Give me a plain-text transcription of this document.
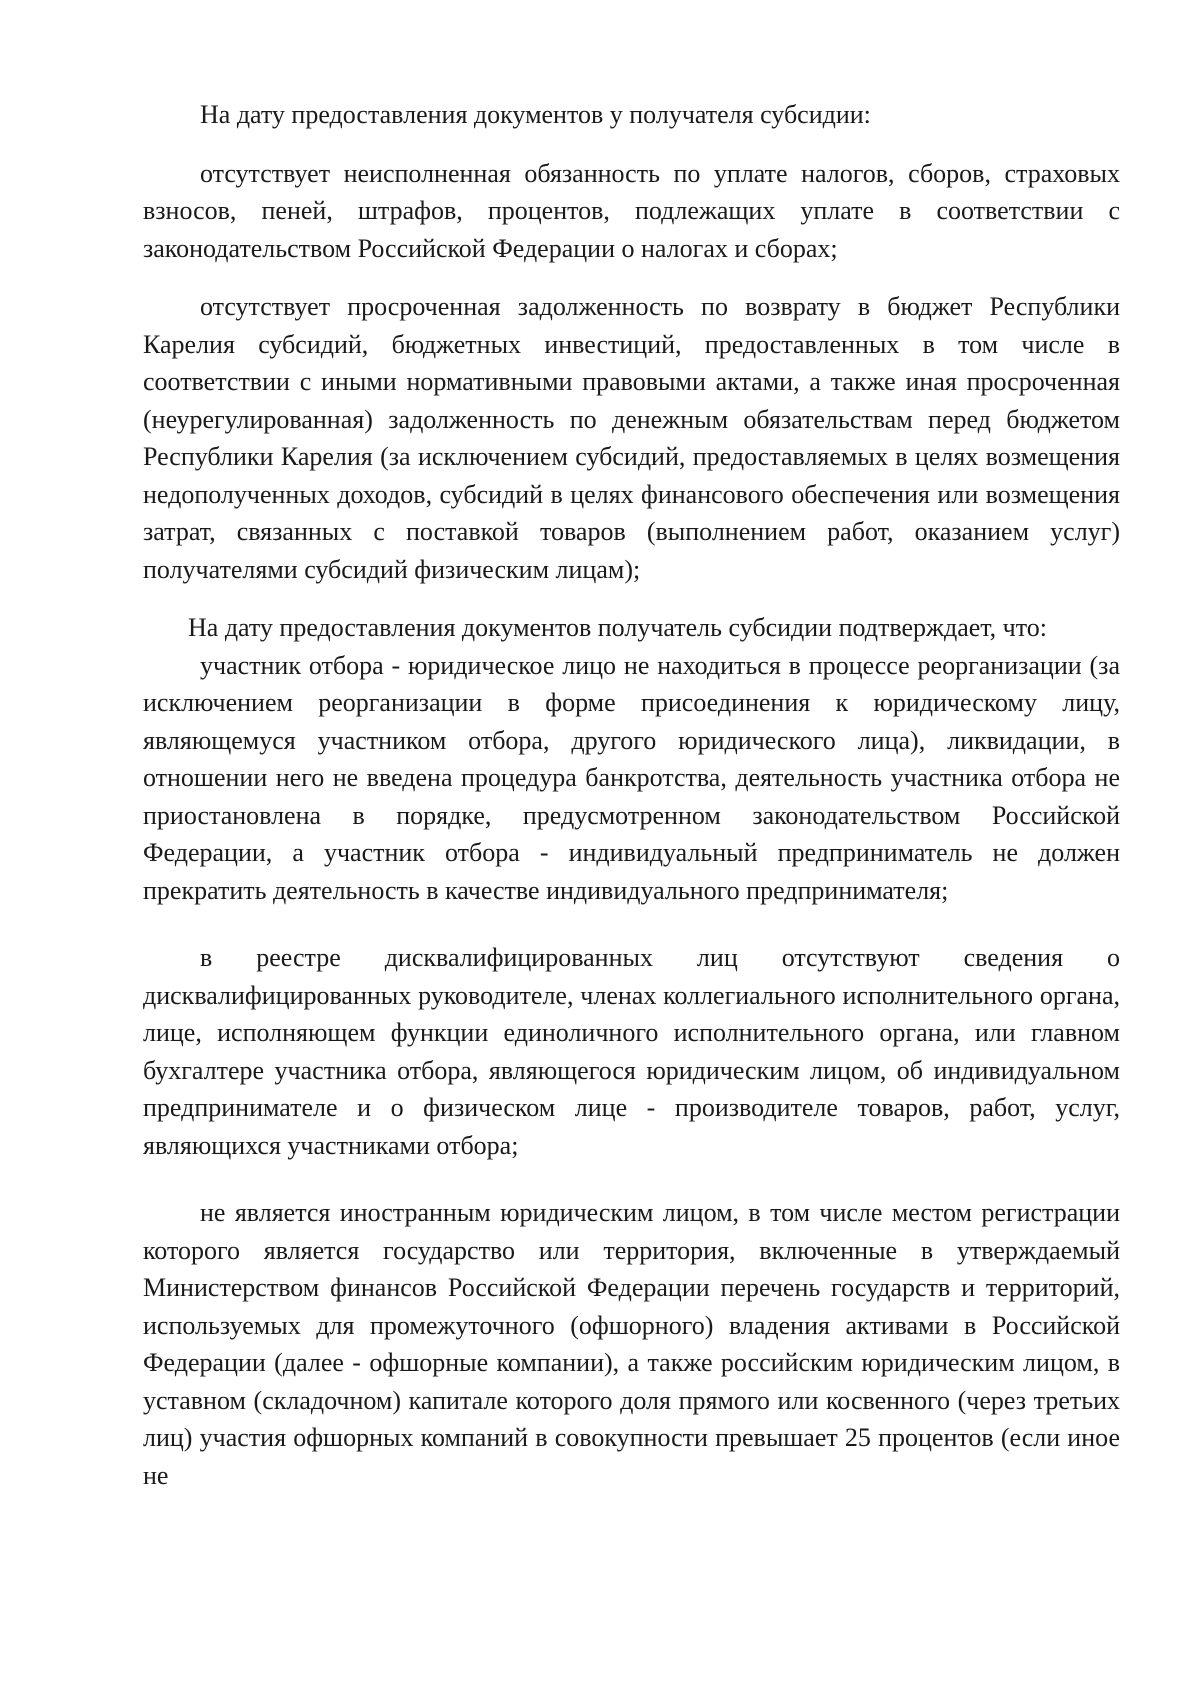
На дату предоставления документов у получателя субсидии:

отсутствует неисполненная обязанность по уплате налогов, сборов, страховых взносов, пеней, штрафов, процентов, подлежащих уплате в соответствии с законодательством Российской Федерации о налогах и сборах;

отсутствует просроченная задолженность по возврату в бюджет Республики Карелия субсидий, бюджетных инвестиций, предоставленных в том числе в соответствии с иными нормативными правовыми актами, а также иная просроченная (неурегулированная) задолженность по денежным обязательствам перед бюджетом Республики Карелия (за исключением субсидий, предоставляемых в целях возмещения недополученных доходов, субсидий в целях финансового обеспечения или возмещения затрат, связанных с поставкой товаров (выполнением работ, оказанием услуг) получателями субсидий физическим лицам);

На дату предоставления документов получатель субсидии подтверждает, что:

участник отбора - юридическое лицо не находиться в процессе реорганизации (за исключением реорганизации в форме присоединения к юридическому лицу, являющемуся участником отбора, другого юридического лица), ликвидации, в отношении него не введена процедура банкротства, деятельность участника отбора не приостановлена в порядке, предусмотренном законодательством Российской Федерации, а участник отбора - индивидуальный предприниматель не должен прекратить деятельность в качестве индивидуального предпринимателя;

в реестре дисквалифицированных лиц отсутствуют сведения о дисквалифицированных руководителе, членах коллегиального исполнительного органа, лице, исполняющем функции единоличного исполнительного органа, или главном бухгалтере участника отбора, являющегося юридическим лицом, об индивидуальном предпринимателе и о физическом лице - производителе товаров, работ, услуг, являющихся участниками отбора;

не является иностранным юридическим лицом, в том числе местом регистрации которого является государство или территория, включенные в утверждаемый Министерством финансов Российской Федерации перечень государств и территорий, используемых для промежуточного (офшорного) владения активами в Российской Федерации (далее - офшорные компании), а также российским юридическим лицом, в уставном (складочном) капитале которого доля прямого или косвенного (через третьих лиц) участия офшорных компаний в совокупности превышает 25 процентов (если иное не
